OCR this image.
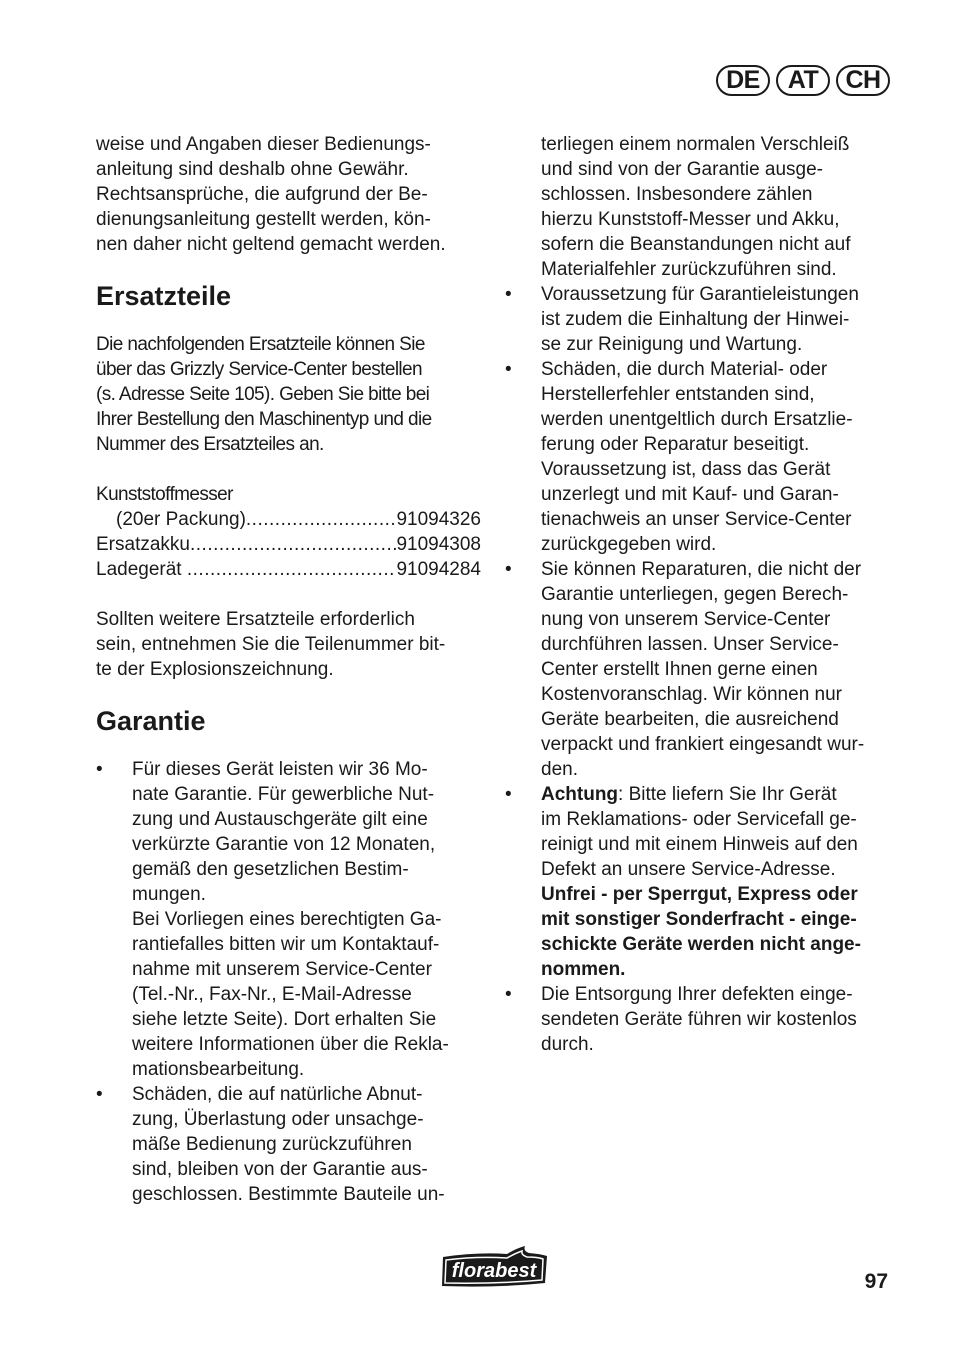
DE	AT	CH

weise und Angaben dieser Bedienungs-
anleitung sind deshalb ohne Gewähr.
Rechtsansprüche, die aufgrund der Be-
dienungsanleitung gestellt werden, kön-
nen daher nicht geltend gemacht werden.

Ersatzteile

Die nachfolgenden Ersatzteile können Sie
über das Grizzly Service-Center bestellen
(s. Adresse Seite 105). Geben Sie bitte bei
Ihrer Bestellung den Maschinentyp und die
Nummer des Ersatzteiles an.

Kunststoffmesser
(20er Packung) .....	91094326
Ersatzakku .....	91094308
Ladegerät .....	91094284

Sollten weitere Ersatzteile erforderlich
sein, entnehmen Sie die Teilenummer bit-
te der Explosionszeichnung.

Garantie
• Für dieses Gerät leisten wir 36 Mo-
nate Garantie. Für gewerbliche Nut-
zung und Austauschgeräte gilt eine
verkürzte Garantie von 12 Monaten,
gemäß den gesetzlichen Bestim-
mungen.
Bei Vorliegen eines berechtigten Ga-
rantiefalles bitten wir um Kontaktauf-
nahme mit unserem Service-Center
(Tel.-Nr., Fax-Nr., E-Mail-Adresse
siehe letzte Seite). Dort erhalten Sie
weitere Informationen über die Rekla-
mationsbearbeitung.
• Schäden, die auf natürliche Abnut-
zung, Überlastung oder unsachge-
mäße Bedienung zurückzuführen
sind, bleiben von der Garantie aus-
geschlossen. Bestimmte Bauteile un-

terliegen einem normalen Verschleiß
und sind von der Garantie ausge-
schlossen. Insbesondere zählen
hierzu Kunststoff-Messer und Akku,
sofern die Beanstandungen nicht auf
Materialfehler zurückzuführen sind.

• Voraussetzung für Garantieleistungen
ist zudem die Einhaltung der Hinwei-
se zur Reinigung und Wartung.
• Schäden, die durch Material- oder
Herstellerfehler entstanden sind,
werden unentgeltlich durch Ersatzlie-
ferung oder Reparatur beseitigt.
Voraussetzung ist, dass das Gerät
unzerlegt und mit Kauf- und Garan-
tienachweis an unser Service-Center
zurückgegeben wird.
• Sie können Reparaturen, die nicht der
Garantie unterliegen, gegen Berech-
nung von unserem Service-Center
durchführen lassen. Unser Service-
Center erstellt Ihnen gerne einen
Kostenvoranschlag. Wir können nur
Geräte bearbeiten, die ausreichend
verpackt und frankiert eingesandt wur-
den.
• Achtung: Bitte liefern Sie Ihr Gerät
im Reklamations- oder Servicefall ge-
reinigt und mit einem Hinweis auf den
Defekt an unsere Service-Adresse.
Unfrei - per Sperrgut, Express oder
mit sonstiger Sonderfracht - einge-
schickte Geräte werden nicht ange-
nommen.
• Die Entsorgung Ihrer defekten einge-
sendeten Geräte führen wir kostenlos
durch.
florabest	97
